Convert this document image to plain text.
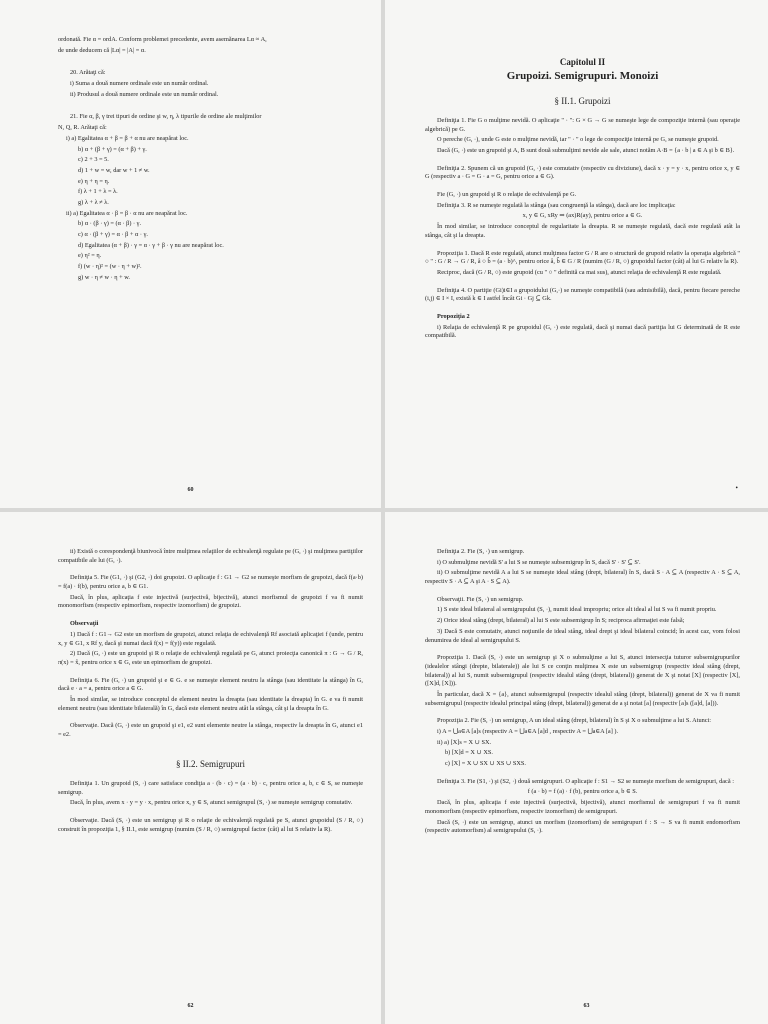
ordonată. Fie α = ordA. Conform problemei precedente, avem asemănarea Lα ≈ A,

de unde deducem că |Lα| = |A| = α.

20. Arătaţi că:

i) Suma a două numere ordinale este un număr ordinal.

ii) Produsul a două numere ordinale este un număr ordinal.

21. Fie α, β, γ trei tipuri de ordine şi w, η, λ tipurile de ordine ale mulţimilor

N, Q, R. Arătaţi că:

i) a) Egalitatea α + β = β + α nu are neapărat loc.

b) α + (β + γ) = (α + β) + γ.

c) 2 + 3 = 5.

d) 1 + w = w, dar w + 1 ≠ w.

e) η + η = η.

f) λ + 1 + λ = λ.

g) λ + λ ≠ λ.

ii) a) Egalitatea α · β = β · α nu are neapărat loc.

b) α · (β · γ) = (α · β) · γ.

c) α · (β + γ) = α · β + α · γ.

d) Egalitatea (α + β) · γ = α · γ + β · γ nu are neapărat loc.

e) η² = η.

f) (w · η)² = (w · η + w)².

g) w · η ≠ w · η + w.

60

Capitolul II

Grupoizi. Semigrupuri. Monoizi

§ II.1. Grupoizi

Definiţia 1. Fie G o mulţime nevidă. O aplicaţie " · ": G × G → G se numeşte lege de compoziţie internă (sau operaţie algebrică) pe G.

O pereche (G, ·), unde G este o mulţime nevidă, iar " · " o lege de compoziţie internă pe G, se numeşte grupoid.

Dacă (G, ·) este un grupoid şi A, B sunt două submulţimi nevide ale sale, atunci notăm A·B = {a · b | a ∈ A şi b ∈ B}.

Definiţia 2. Spunem că un grupoid (G, ·) este comutativ (respectiv cu diviziune), dacă x · y = y · x, pentru orice x, y ∈ G (respectiv a · G = G · a = G, pentru orice a ∈ G).

Fie (G, ·) un grupoid şi R o relaţie de echivalenţă pe G.

Definiţia 3. R se numeşte regulată la stânga (sau congruenţă la stânga), dacă are loc implicaţia:

x, y ∈ G, xRy ⇒ (ax)R(ay), pentru orice a ∈ G.

În mod similar, se introduce conceptul de regularitate la dreapta. R se numeşte regulată, dacă este regulată atât la stânga, cât şi la dreapta.

Propoziţia 1. Dacă R este regulată, atunci mulţimea factor G / R are o structură de grupoid relativ la operaţia algebrică " ○ " : G / R → G / R, â ○ b̂ = (a · b)^, pentru orice â, b̂ ∈ G / R (numim (G / R, ○) grupoidul factor (cât) al lui G relativ la R).

Reciproc, dacă (G / R, ○) este grupoid (cu " ○ " definită ca mai sus), atunci relaţia de echivalenţă R este regulată.

Definiţia 4. O partiţie (Gi)i∈I a grupoidului (G,·) se numeşte compatibilă (sau admisibilă), dacă, pentru fiecare pereche (i,j) ∈ I × I, există k ∈ I astfel încât Gi · Gj ⊆ Gk.

Propoziţia 2

i) Relaţia de echivalenţă R pe grupoidul (G, ·) este regulată, dacă şi numai dacă partiţia lui G determinată de R este compatibilă.

•

ii) Există o corespondenţă biunivocă între mulţimea relaţiilor de echivalenţă regulate pe (G, ·) şi mulţimea partiţiilor compatibile ale lui (G, ·).

Definiţia 5. Fie (G1, ·) şi (G2, ·) doi grupoizi. O aplicaţie f : G1 → G2 se numeşte morfism de grupoizi, dacă f(a·b) = f(a) · f(b), pentru orice a, b ∈ G1.

Dacă, în plus, aplicaţia f este injectivă (surjectivă, bijectivă), atunci morfismul de grupoizi f va fi numit monomorfism (respectiv epimorfism, respectiv izomorfism) de grupoizi.

Observaţii

1) Dacă f : G1→ G2 este un morfism de grupoizi, atunci relaţia de echivalenţă Rf asociată aplicaţiei f (unde, pentru x, y ∈ G1, x Rf y, dacă şi numai dacă f(x) = f(y)) este regulată.

2) Dacă (G, ·) este un grupoid şi R o relaţie de echivalenţă regulată pe G, atunci proiecţia canonică π : G → G / R, π(x) = x̂, pentru orice x ∈ G, este un epimorfism de grupoizi.

Definiţia 6. Fie (G, ·) un grupoid şi e ∈ G. e se numeşte element neutru la stânga (sau identitate la stânga) în G, dacă e · a = a, pentru orice a ∈ G.

În mod similar, se introduce conceptul de element neutru la dreapta (sau identitate la dreapta) în G. e va fi numit element neutru (sau identitate bilaterală) în G, dacă este element neutru atât la stânga, cât şi la dreapta în G.

Observaţie. Dacă (G, ·) este un grupoid şi e1, e2 sunt elemente neutre la stânga, respectiv la dreapta în G, atunci e1 = e2.

§ II.2. Semigrupuri

Definiţia 1. Un grupoid (S, ·) care satisface condiţia a · (b · c) = (a · b) · c, pentru orice a, b, c ∈ S, se numeşte semigrup.

Dacă, în plus, avem x · y = y · x, pentru orice x, y ∈ S, atunci semigrupul (S, ·) se numeşte semigrup comutativ.

Observaţie. Dacă (S, ·) este un semigrup şi R o relaţie de echivalenţă regulată pe S, atunci grupoidul (S / R, ○) construit în propoziţia 1, § II.1, este semigrup (numim (S / R, ○) semigrupul factor (cât) al lui S relativ la R).

62

Definiţia 2. Fie (S, ·) un semigrup.

i) O submulţime nevidă S' a lui S se numeşte subsemigrup în S, dacă S' · S' ⊆ S'.

ii) O submulţime nevidă A a lui S se numeşte ideal stâng (drept, bilateral) în S, dacă S · A ⊆ A (respectiv A · S ⊆ A, respectiv S · A ⊆ A şi A · S ⊆ A).

Observaţii. Fie (S, ·) un semigrup.

1) S este ideal bilateral al semigrupului (S, ·), numit ideal impropriu; orice alt ideal al lui S va fi numit propriu.

2) Orice ideal stâng (drept, bilateral) al lui S este subsemigrup în S; reciproca afirmaţiei este falsă;

3) Dacă S este comutativ, atunci noţiunile de ideal stâng, ideal drept şi ideal bilateral coincid; în acest caz, vom folosi denumirea de ideal al semigrupului S.

Propoziţia 1. Dacă (S, ·) este un semigrup şi X o submulţime a lui S, atunci intersecţia tuturor subsemigrupurilor (idealelor stângi (drepte, bilaterale)) ale lui S ce conţin mulţimea X este un subsemigrup (respectiv ideal stâng (drept, bilateral)) al lui S, numit subsemigrupul (respectiv idealul stâng (drept, bilateral)) generat de X şi notat [X] (respectiv [X], ([X]d, [X])).

În particular, dacă X = {a}, atunci subsemigrupul (respectiv idealul stâng (drept, bilateral)) generat de X va fi numit subsemigrupul (respectiv idealul principal stâng (drept, bilateral)) generat de a şi notat [a] (respectiv [a]s ([a]d, [a])).

Propoziţia 2. Fie (S, ·) un semigrup, A un ideal stâng (drept, bilateral) în S şi X o submulţime a lui S. Atunci:

i) A = ⋃a∈A [a]s (respectiv A = ⋃a∈A [a]d , respectiv A = ⋃a∈A [a] ).

ii) a) [X]s = X ∪ SX.

b) [X]d = X ∪ XS.

c) [X] = X ∪ SX ∪ XS ∪ SXS.

Definiţia 3. Fie (S1, ·) şi (S2, ·) două semigrupuri. O aplicaţie f : S1 → S2 se numeşte morfism de semigrupuri, dacă :

f (a · b) = f (a) · f (b), pentru orice a, b ∈ S.

Dacă, în plus, aplicaţia f este injectivă (surjectivă, bijectivă), atunci morfismul de semigrupuri f va fi numit monomorfism (respectiv epimorfism, respectiv izomorfism) de semigrupuri.

Dacă (S, ·) este un semigrup, atunci un morfism (izomorfism) de semigrupuri f : S → S va fi numit endomorfism (respectiv automorfism) al semigrupului (S, ·).

63
